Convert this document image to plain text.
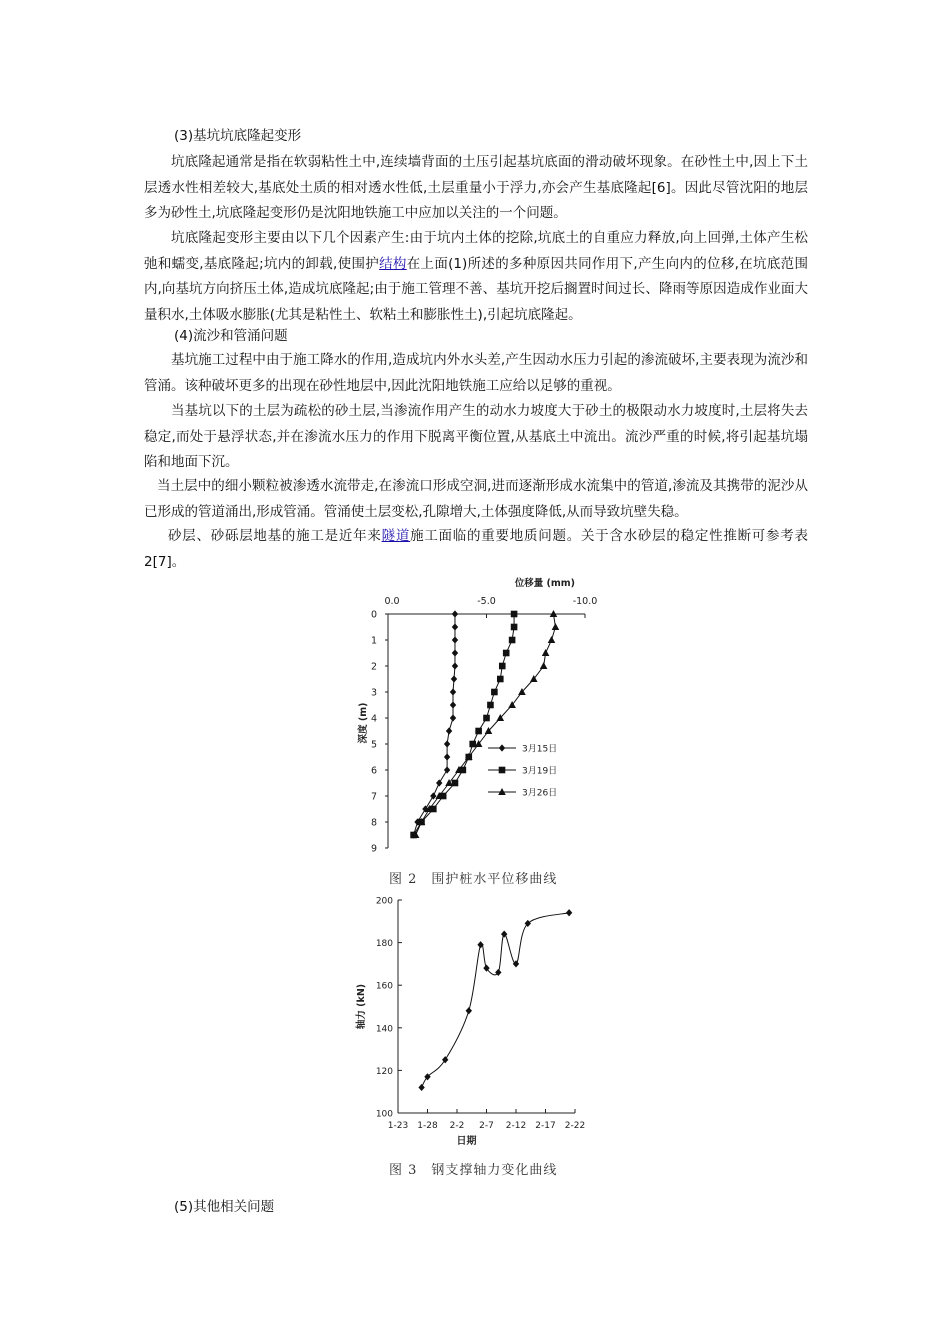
(3)基坑坑底隆起变形

坑底隆起通常是指在软弱粘性土中,连续墙背面的土压引起基坑底面的滑动破坏现象。在砂性土中,因上下土层透水性相差较大,基底处土质的相对透水性低,土层重量小于浮力,亦会产生基底隆起[6]。因此尽管沈阳的地层多为砂性土,坑底隆起变形仍是沈阳地铁施工中应加以关注的一个问题。

坑底隆起变形主要由以下几个因素产生:由于坑内土体的挖除,坑底土的自重应力释放,向上回弹,土体产生松弛和蠕变,基底隆起;坑内的卸载,使围护结构在上面(1)所述的多种原因共同作用下,产生向内的位移,在坑底范围内,向基坑方向挤压土体,造成坑底隆起;由于施工管理不善、基坑开挖后搁置时间过长、降雨等原因造成作业面大量积水,土体吸水膨胀(尤其是粘性土、软粘土和膨胀性土),引起坑底隆起。

(4)流沙和管涌问题

基坑施工过程中由于施工降水的作用,造成坑内外水头差,产生因动水压力引起的渗流破坏,主要表现为流沙和管涌。该种破坏更多的出现在砂性地层中,因此沈阳地铁施工应给以足够的重视。

当基坑以下的土层为疏松的砂土层,当渗流作用产生的动水力坡度大于砂土的极限动水力坡度时,土层将失去稳定,而处于悬浮状态,并在渗流水压力的作用下脱离平衡位置,从基底土中流出。流沙严重的时候,将引起基坑塌陷和地面下沉。

当土层中的细小颗粒被渗透水流带走,在渗流口形成空洞,进而逐渐形成水流集中的管道,渗流及其携带的泥沙从已形成的管道涌出,形成管涌。管涌使土层变松,孔隙增大,土体强度降低,从而导致坑壁失稳。

砂层、砂砾层地基的施工是近年来隧道施工面临的重要地质问题。关于含水砂层的稳定性推断可参考表2[7]。

位移量 (mm)
0.0	-5.0	-10.0
0
1
2
3
4
5
6
7
8
9
深度 (m)
3月15日
3月19日
3月26日
图 2　围护桩水平位移曲线
100
120
140
160
180
200
1-23 1-28 2-2 2-7 2-12 2-17 2-22
日期
轴力 (kN)
图 3　钢支撑轴力变化曲线

(5)其他相关问题
